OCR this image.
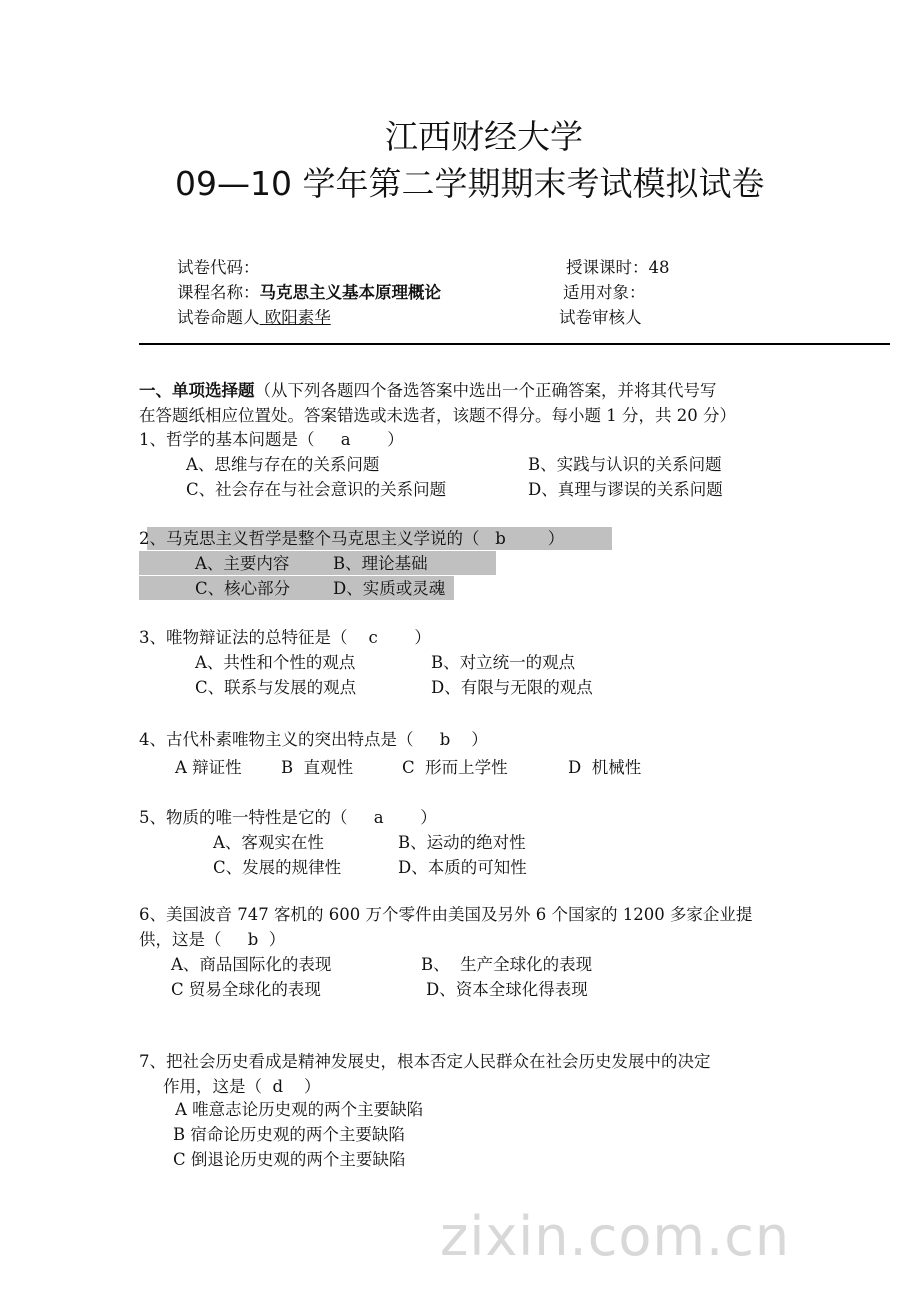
zixin.com.cn
江西财经大学
09—10 学年第二学期期末考试模拟试卷
试卷代码：	授课课时：48
课程名称：马克思主义基本原理概论	适用对象：
试卷命题人 欧阳素华	试卷审核人
一、单项选择题（从下列各题四个备选答案中选出一个正确答案，并将其代号写
在答题纸相应位置处。答案错选或未选者，该题不得分。每小题 1 分，共 20 分）
1、哲学的基本问题是（     a       ）
A、思维与存在的关系问题	B、实践与认识的关系问题
C、社会存在与社会意识的关系问题	D、真理与谬误的关系问题
2、马克思主义哲学是整个马克思主义学说的（   b        ）
A、主要内容	B、理论基础
C、核心部分	D、实质或灵魂
3、唯物辩证法的总特征是（    c       ）
A、共性和个性的观点	B、对立统一的观点
C、联系与发展的观点	D、有限与无限的观点
4、古代朴素唯物主义的突出特点是（     b    ）
A 辩证性 B  直观性	C  形而上学性	D  机械性
5、物质的唯一特性是它的（     a       ）
A、客观实在性	B、运动的绝对性
C、发展的规律性	D、本质的可知性
6、美国波音 747 客机的 600 万个零件由美国及另外 6 个国家的 1200 多家企业提
供，这是（     b  ）
A、商品国际化的表现	B、  生产全球化的表现
C 贸易全球化的表现	D、资本全球化得表现
7、把社会历史看成是精神发展史，根本否定人民群众在社会历史发展中的决定
作用，这是（  d    ）
A 唯意志论历史观的两个主要缺陷
B 宿命论历史观的两个主要缺陷
C 倒退论历史观的两个主要缺陷
